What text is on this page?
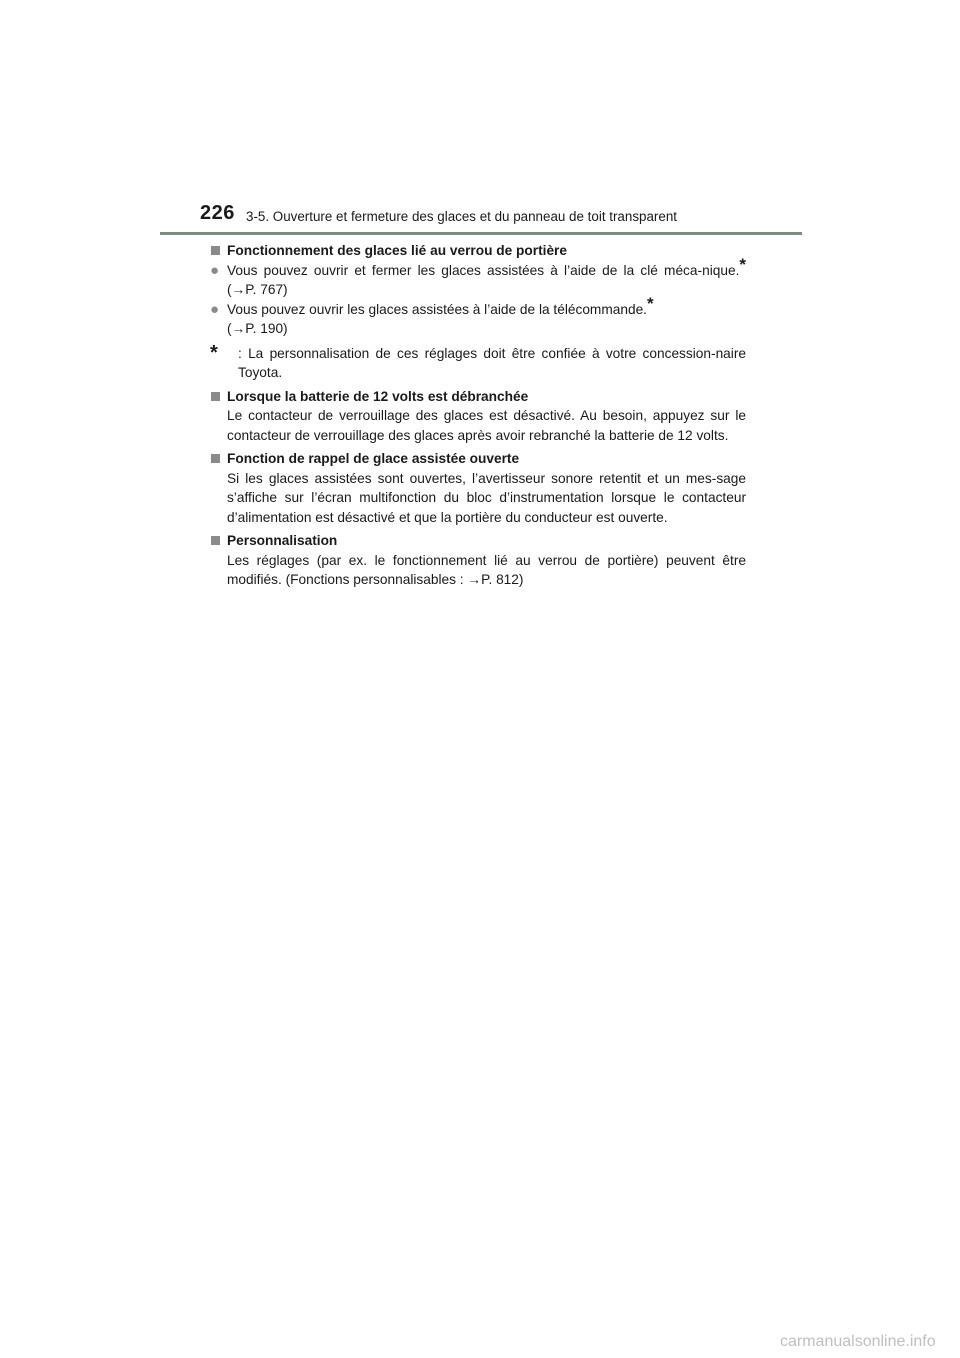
226 3-5. Ouverture et fermeture des glaces et du panneau de toit transparent
Fonctionnement des glaces lié au verrou de portière
● Vous pouvez ouvrir et fermer les glaces assistées à l’aide de la clé méca-nique.* (→P. 767)
● Vous pouvez ouvrir les glaces assistées à l’aide de la télécommande.*
(→P. 190)
*	: La personnalisation de ces réglages doit être confiée à votre concession-naire Toyota.
Lorsque la batterie de 12 volts est débranchée
Le contacteur de verrouillage des glaces est désactivé. Au besoin, appuyez sur le contacteur de verrouillage des glaces après avoir rebranché la batterie de 12 volts.
Fonction de rappel de glace assistée ouverte
Si les glaces assistées sont ouvertes, l’avertisseur sonore retentit et un mes-sage s’affiche sur l’écran multifonction du bloc d’instrumentation lorsque le contacteur d’alimentation est désactivé et que la portière du conducteur est ouverte.
Personnalisation
Les réglages (par ex. le fonctionnement lié au verrou de portière) peuvent être modifiés. (Fonctions personnalisables : →P. 812)
carmanualsonline.info
